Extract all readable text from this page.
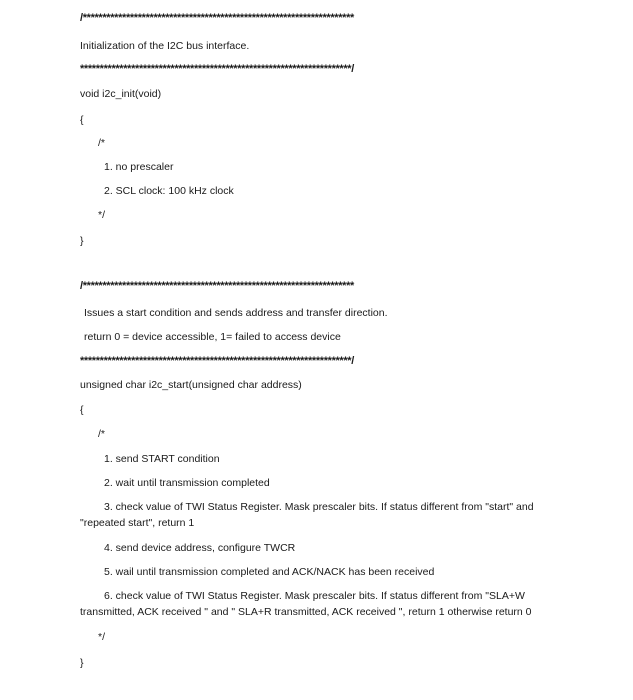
/*********************************************************************
Initialization of the I2C bus interface.
*********************************************************************/
void i2c_init(void)
{
/*
1. no prescaler
2. SCL clock: 100 kHz clock
*/
}
/*********************************************************************
Issues a start condition and sends address and transfer direction.
return 0 = device accessible, 1= failed to access device
*********************************************************************/
unsigned char i2c_start(unsigned char address)
{
/*
1. send START condition
2. wait until transmission completed
3. check value of TWI Status Register. Mask prescaler bits. If status different from "start" and
"repeated start", return 1
4. send device address, configure TWCR
5. wail until transmission completed and ACK/NACK has been received
6. check value of TWI Status Register. Mask prescaler bits. If status different from "SLA+W
transmitted, ACK received " and " SLA+R transmitted, ACK received ", return 1 otherwise return 0
*/
}
